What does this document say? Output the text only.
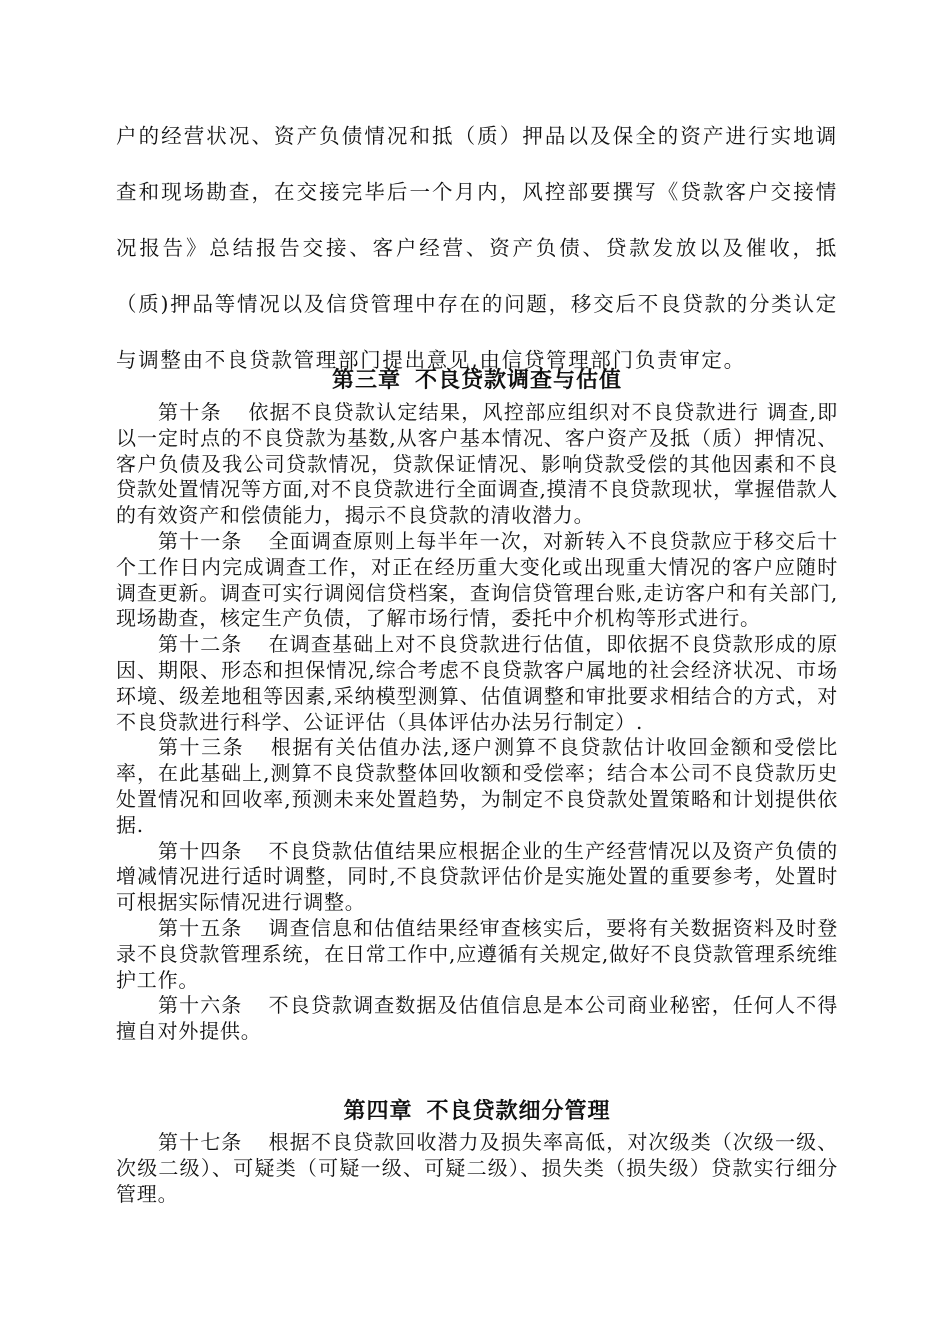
户的经营状况、资产负债情况和抵（质）押品以及保全的资产进行实地调查和现场勘查，在交接完毕后一个月内，风控部要撰写《贷款客户交接情况报告》总结报告交接、客户经营、资产负债、贷款发放以及催收，抵（质)押品等情况以及信贷管理中存在的问题，移交后不良贷款的分类认定与调整由不良贷款管理部门提出意见,由信贷管理部门负责审定。

第三章 不良贷款调查与估值

第十条 依据不良贷款认定结果，风控部应组织对不良贷款进行 调查,即以一定时点的不良贷款为基数,从客户基本情况、客户资产及抵（质）押情况、客户负债及我公司贷款情况，贷款保证情况、影响贷款受偿的其他因素和不良贷款处置情况等方面,对不良贷款进行全面调查,摸清不良贷款现状，掌握借款人的有效资产和偿债能力，揭示不良贷款的清收潜力。

第十一条 全面调查原则上每半年一次，对新转入不良贷款应于移交后十个工作日内完成调查工作，对正在经历重大变化或出现重大情况的客户应随时调查更新。调查可实行调阅信贷档案，查询信贷管理台账,走访客户和有关部门,现场勘查，核定生产负债，了解市场行情，委托中介机构等形式进行。

第十二条 在调查基础上对不良贷款进行估值，即依据不良贷款形成的原因、期限、形态和担保情况,综合考虑不良贷款客户属地的社会经济状况、市场环境、级差地租等因素,采纳模型测算、估值调整和审批要求相结合的方式，对不良贷款进行科学、公证评估（具体评估办法另行制定）.

第十三条 根据有关估值办法,逐户测算不良贷款估计收回金额和受偿比率，在此基础上,测算不良贷款整体回收额和受偿率；结合本公司不良贷款历史处置情况和回收率,预测未来处置趋势，为制定不良贷款处置策略和计划提供依据.

第十四条 不良贷款估值结果应根据企业的生产经营情况以及资产负债的增减情况进行适时调整，同时,不良贷款评估价是实施处置的重要参考，处置时可根据实际情况进行调整。

第十五条 调查信息和估值结果经审查核实后，要将有关数据资料及时登录不良贷款管理系统，在日常工作中,应遵循有关规定,做好不良贷款管理系统维护工作。

第十六条 不良贷款调查数据及估值信息是本公司商业秘密，任何人不得擅自对外提供。

第四章 不良贷款细分管理

第十七条 根据不良贷款回收潜力及损失率高低，对次级类（次级一级、次级二级）、可疑类（可疑一级、可疑二级）、损失类（损失级）贷款实行细分管理。
